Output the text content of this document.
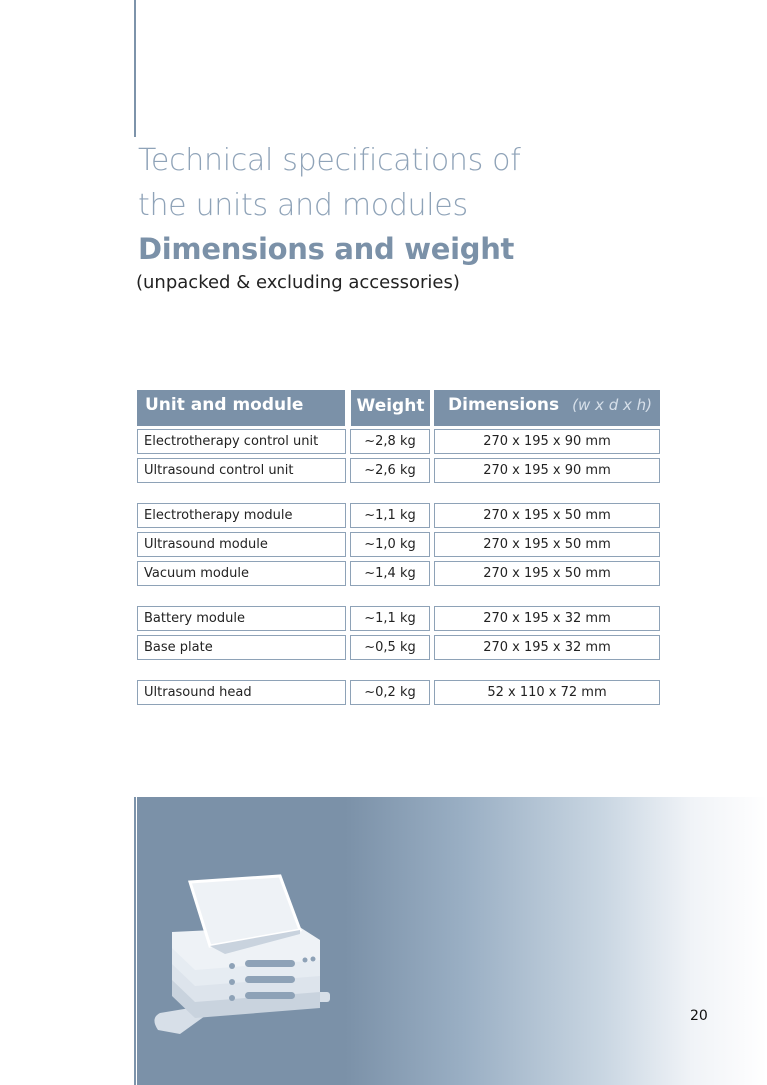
Technical specifications of
the units and modules
Dimensions and weight
(unpacked & excluding accessories)
Unit and module	Weight	Dimensions (w x d x h)
Electrotherapy control unit	~2,8 kg	270 x 195 x 90 mm
Ultrasound control unit	~2,6 kg	270 x 195 x 90 mm
Electrotherapy module	~1,1 kg	270 x 195 x 50 mm
Ultrasound module	~1,0 kg	270 x 195 x 50 mm
Vacuum module	~1,4 kg	270 x 195 x 50 mm
Battery module	~1,1 kg	270 x 195 x 32 mm
Base plate	~0,5 kg	270 x 195 x 32 mm
Ultrasound head	~0,2 kg	52 x 110 x 72 mm
20
